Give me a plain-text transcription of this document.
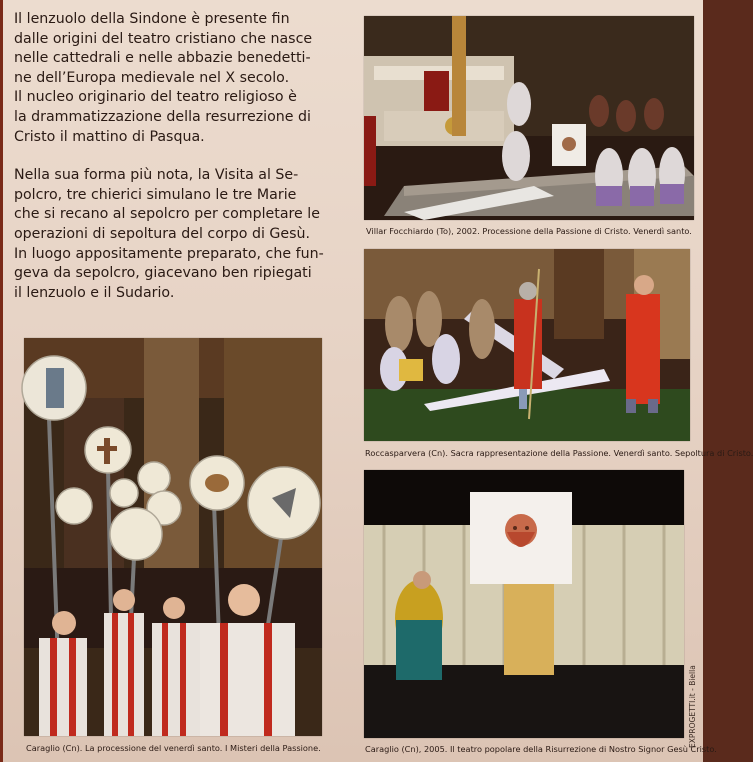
Il lenzuolo della Sindone è presente fin
dalle origini del teatro cristiano che nasce
nelle cattedrali e nelle abbazie benedetti-
ne dell’Europa medievale nel X secolo.
Il nucleo originario del teatro religioso è
la drammatizzazione della resurrezione di
Cristo il mattino di Pasqua.

Nella sua forma più nota, la Visita al Se-
polcro, tre chierici simulano le tre Marie
che si recano al sepolcro per completare le
operazioni di sepoltura del corpo di Gesù.
In luogo appositamente preparato, che fun-
geva da sepolcro, giacevano ben ripiegati
il lenzuolo e il Sudario.

Villar Focchiardo (To), 2002. Processione della Passione di Cristo. Venerdì santo.
Roccasparvera (Cn). Sacra rappresentazione della Passione. Venerdì santo. Sepoltura di Cristo.
Caraglio (Cn). La processione del venerdì santo. I Misteri della Passione.	Caraglio (Cn), 2005. Il teatro popolare della Risurrezione di Nostro Signor Gesù Cristo.
EXPROGETTI.it - Biella
